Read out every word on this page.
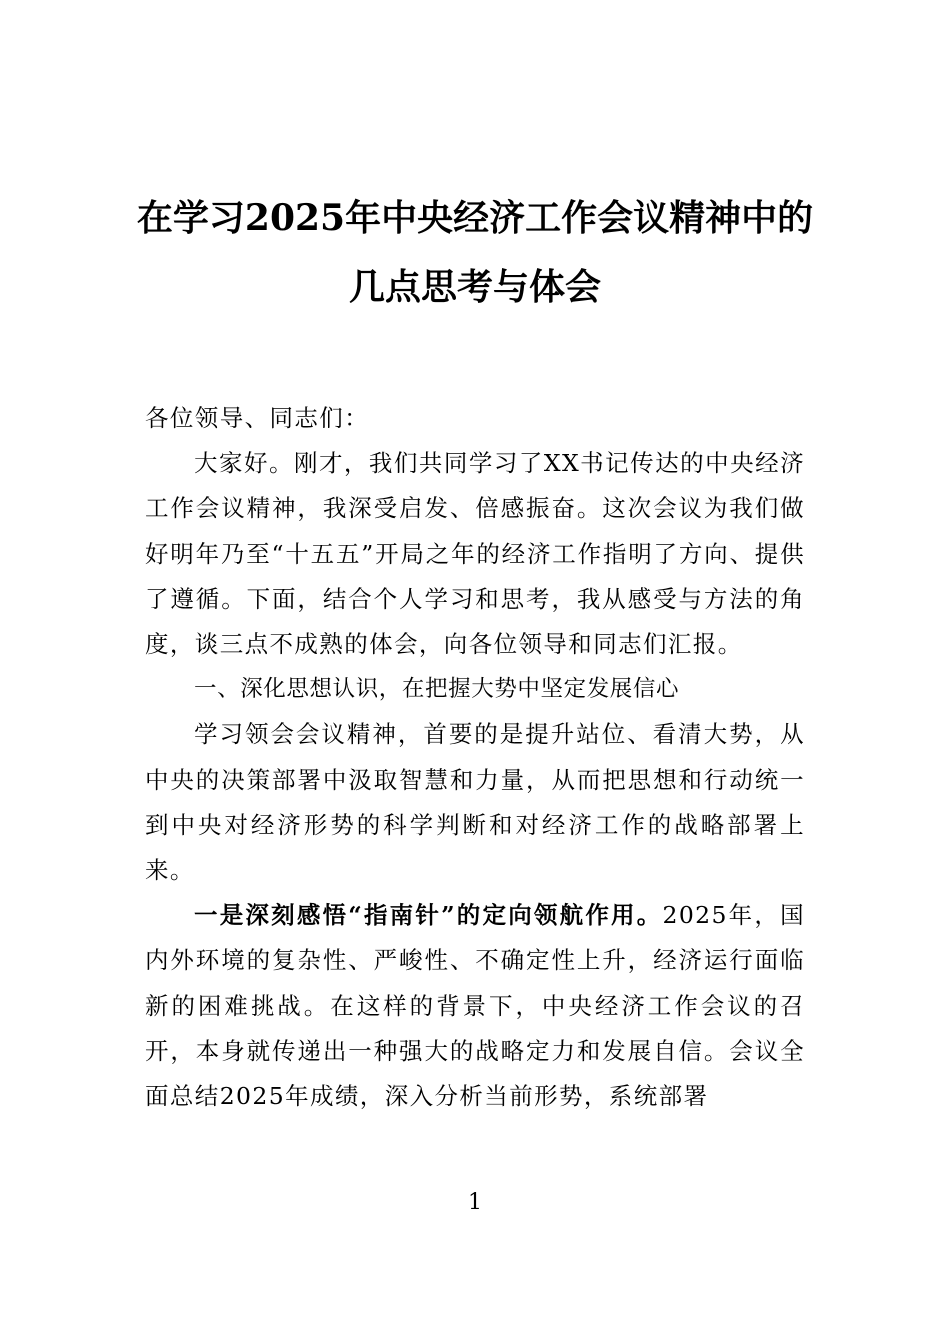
在学习2025年中央经济工作会议精神中的
几点思考与体会

各位领导、同志们：

大家好。刚才，我们共同学习了XX书记传达的中央经济工作会议精神，我深受启发、倍感振奋。这次会议为我们做好明年乃至“十五五”开局之年的经济工作指明了方向、提供了遵循。下面，结合个人学习和思考，我从感受与方法的角度，谈三点不成熟的体会，向各位领导和同志们汇报。

一、深化思想认识，在把握大势中坚定发展信心

学习领会会议精神，首要的是提升站位、看清大势，从中央的决策部署中汲取智慧和力量，从而把思想和行动统一到中央对经济形势的科学判断和对经济工作的战略部署上来。

一是深刻感悟“指南针”的定向领航作用。2025年，国内外环境的复杂性、严峻性、不确定性上升，经济运行面临新的困难挑战。在这样的背景下，中央经济工作会议的召开，本身就传递出一种强大的战略定力和发展自信。会议全面总结2025年成绩，深入分析当前形势，系统部署

1
